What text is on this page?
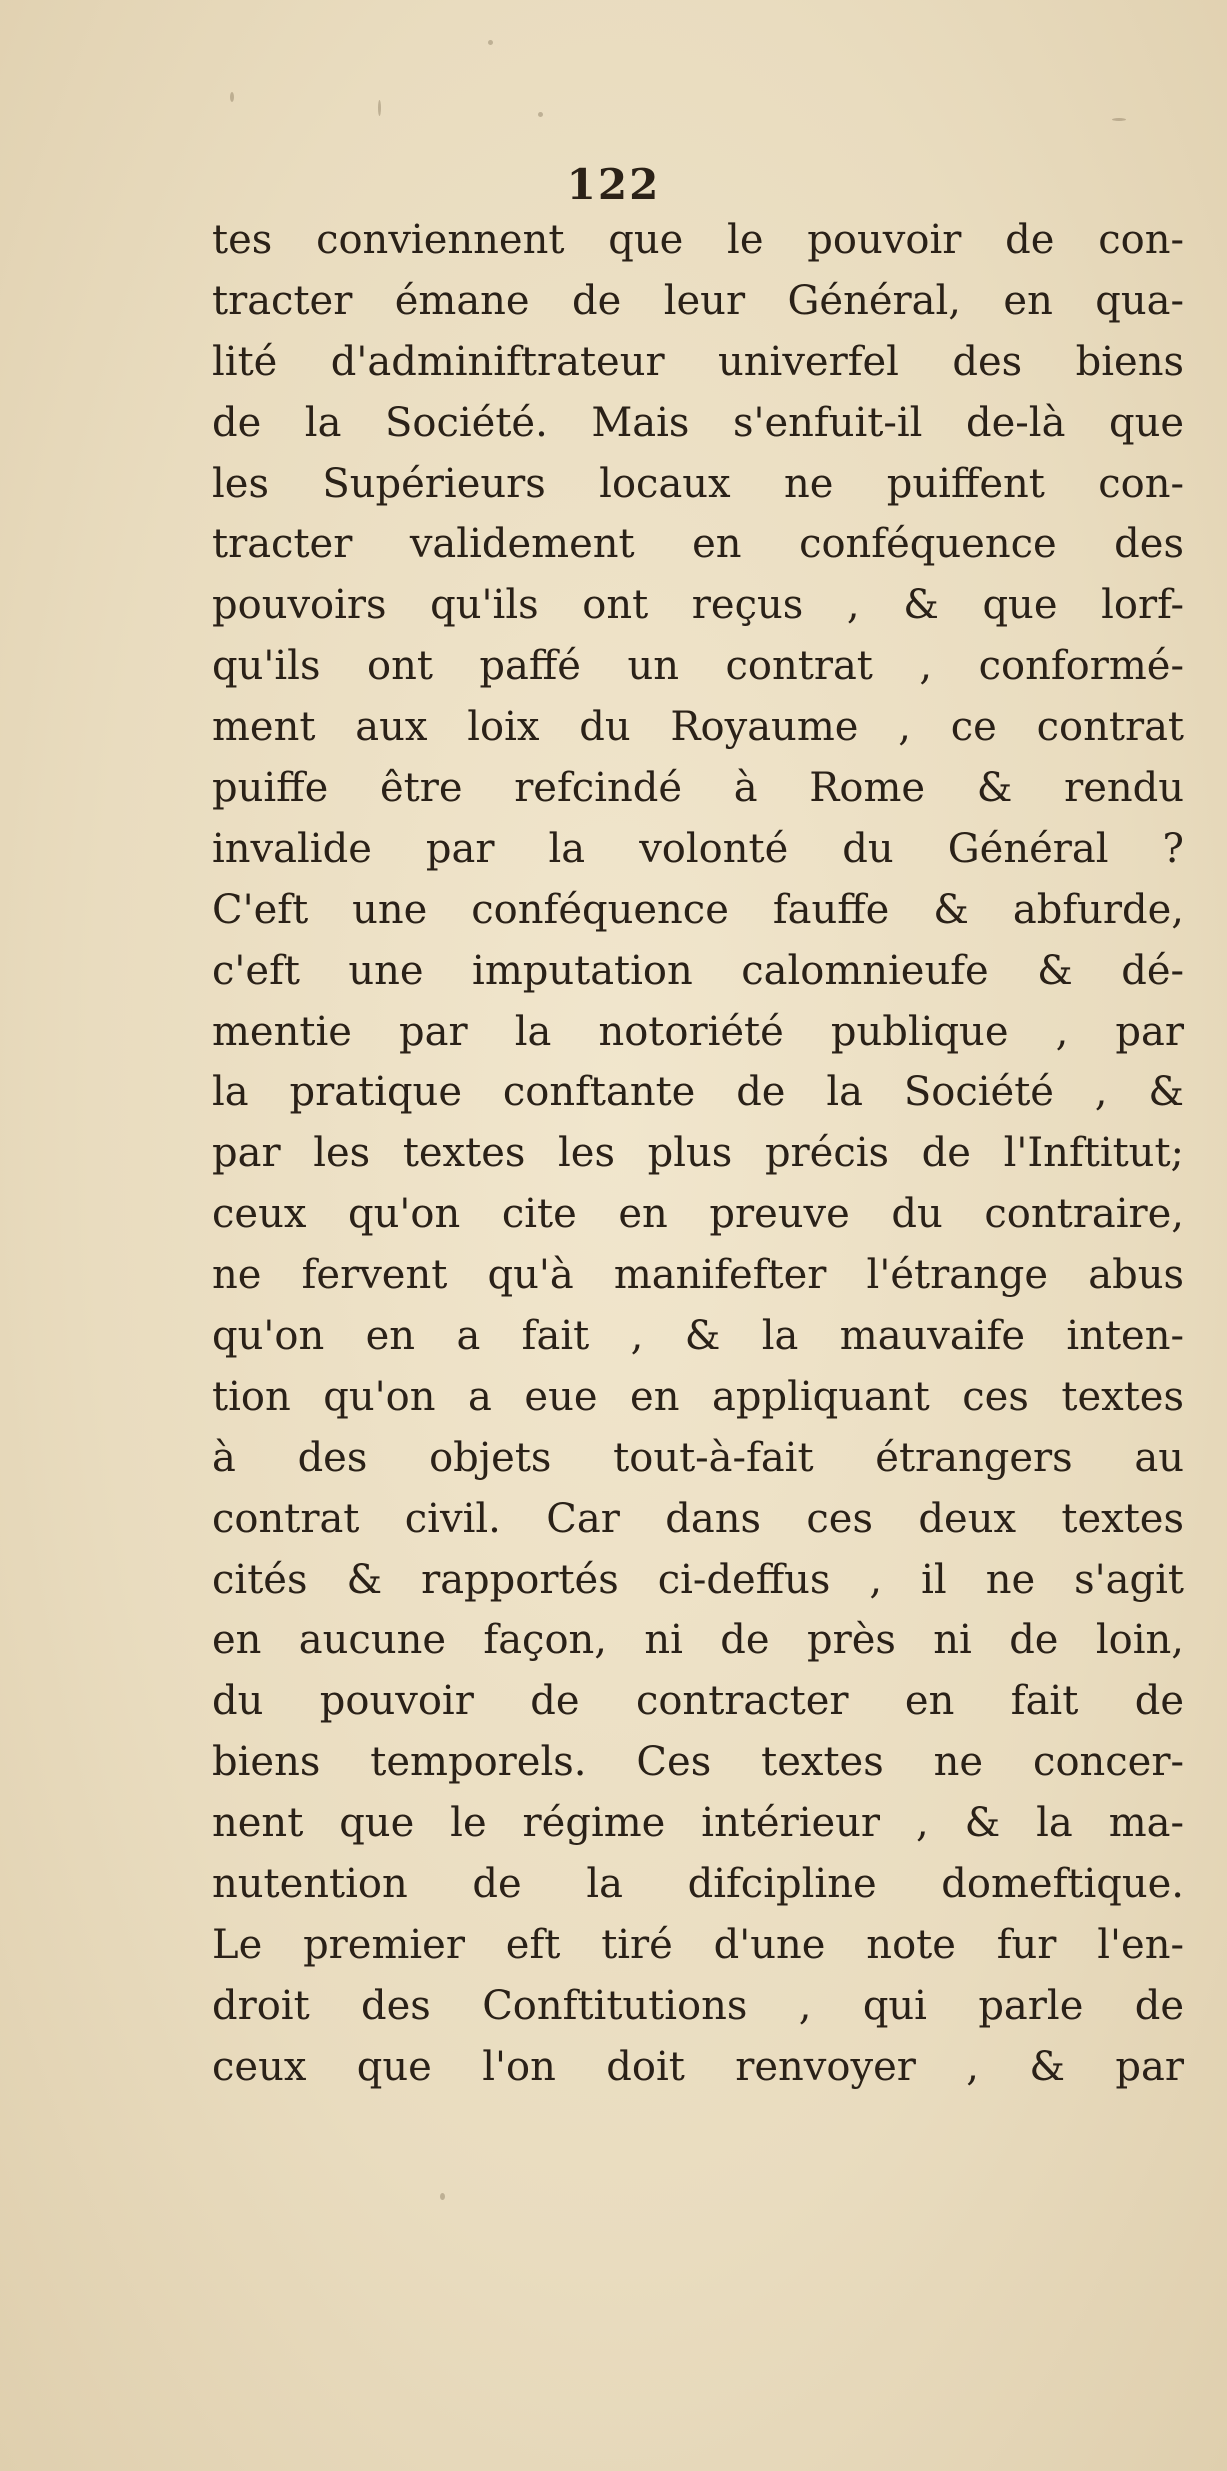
122
tes conviennent que le pouvoir de con-
tracter émane de leur Général, en qua-
lité d'adminiftrateur univerfel des biens
de la Société. Mais s'enfuit-il de-là que
les Supérieurs locaux ne puiffent con-
tracter validement en conféquence des
pouvoirs qu'ils ont reçus , & que lorf-
qu'ils ont paffé un contrat , conformé-
ment aux loix du Royaume , ce contrat
puiffe être refcindé à Rome & rendu
invalide par la volonté du Général ?
C'eft une conféquence fauffe & abfurde,
c'eft une imputation calomnieufe & dé-
mentie par la notoriété publique , par
la pratique conftante de la Société , &
par les textes les plus précis de l'Inftitut;
ceux qu'on cite en preuve du contraire,
ne fervent qu'à manifefter l'étrange abus
qu'on en a fait , & la mauvaife inten-
tion qu'on a eue en appliquant ces textes
à des objets tout-à-fait étrangers au
contrat civil. Car dans ces deux textes
cités & rapportés ci-deffus , il ne s'agit
en aucune façon, ni de près ni de loin,
du pouvoir de contracter en fait de
biens temporels. Ces textes ne concer-
nent que le régime intérieur , & la ma-
nutention de la difcipline domeftique.
Le premier eft tiré d'une note fur l'en-
droit des Conftitutions , qui parle de
ceux que l'on doit renvoyer , & par
